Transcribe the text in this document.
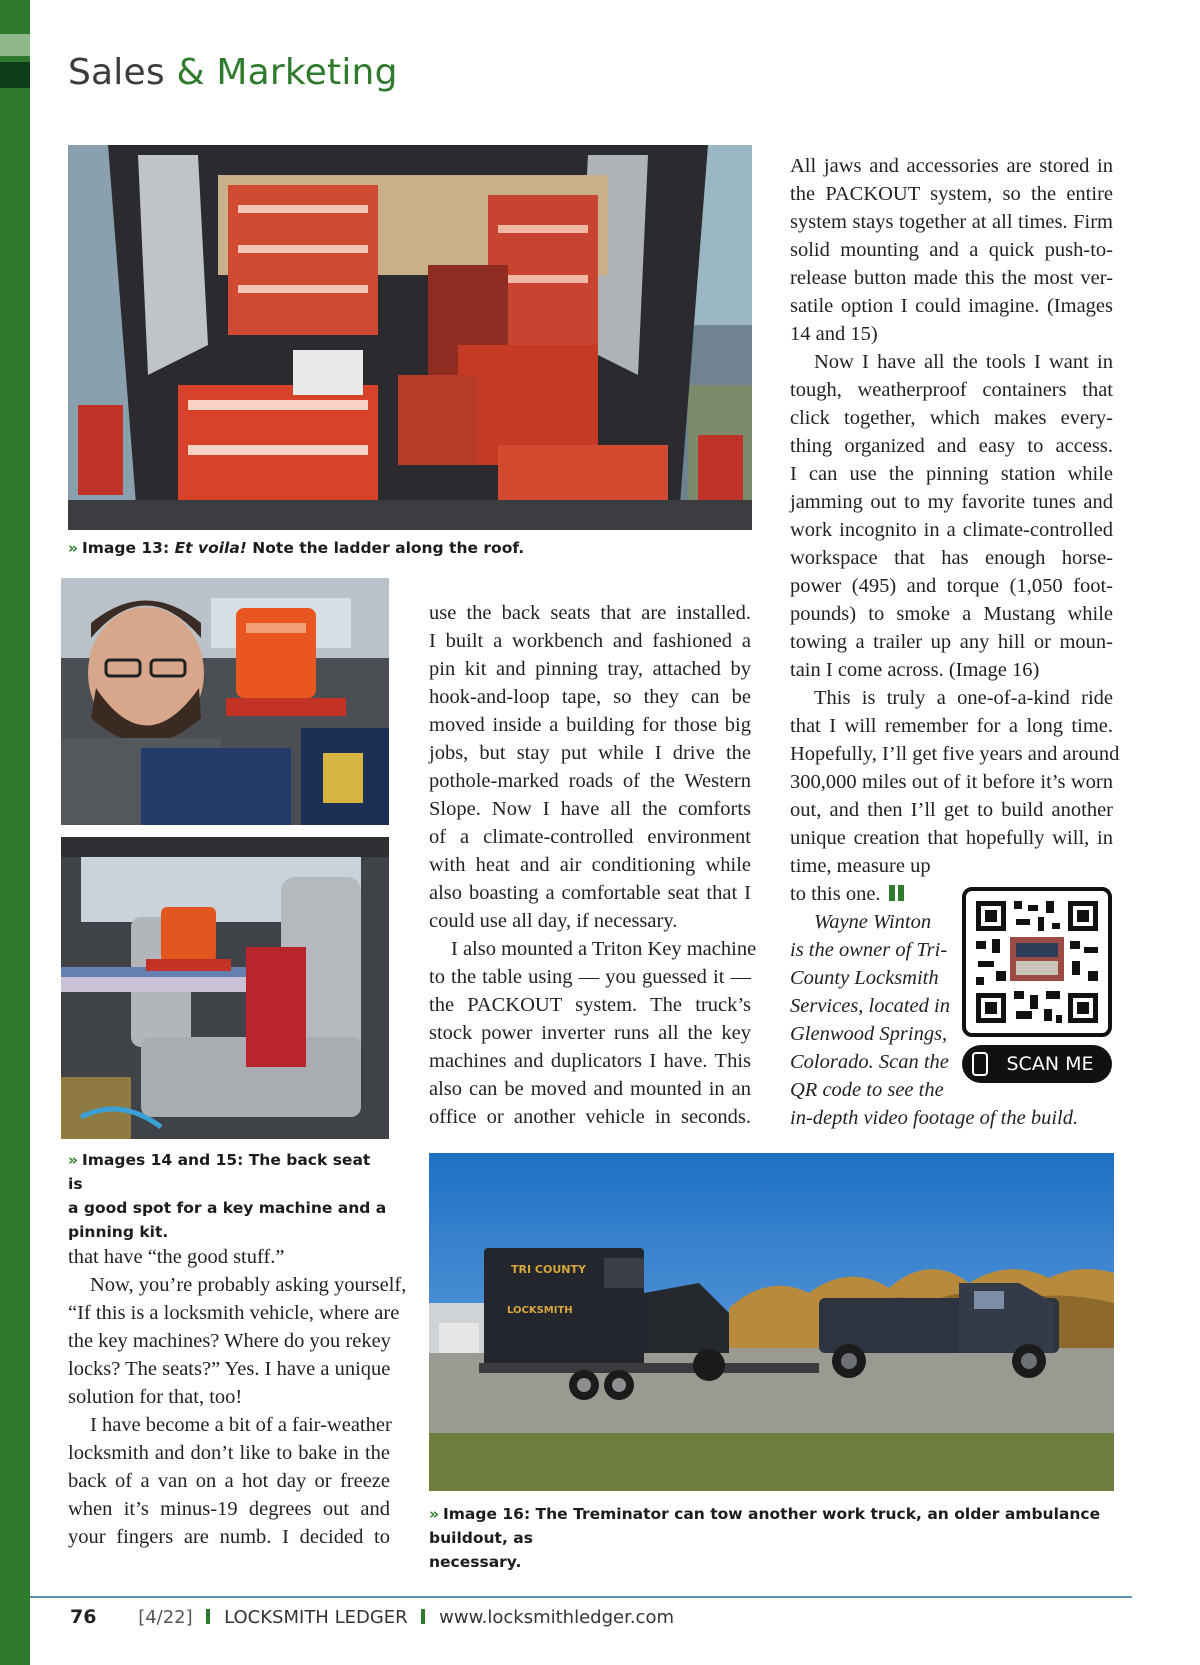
Sales & Marketing
» Image 13: Et voila! Note the ladder along the roof.
» Images 14 and 15: The back seat is
a good spot for a key machine and a
pinning kit.
that have “the good stuff.”
Now, you’re probably asking yourself,
“If this is a locksmith vehicle, where are
the key machines? Where do you rekey
locks? The seats?” Yes. I have a unique
solution for that, too!
I have become a bit of a fair-weather
locksmith and don’t like to bake in the
back of a van on a hot day or freeze
when it’s minus-19 degrees out and
your fingers are numb. I decided to
use the back seats that are installed.
I built a workbench and fashioned a
pin kit and pinning tray, attached by
hook-and-loop tape, so they can be
moved inside a building for those big
jobs, but stay put while I drive the
pothole-marked roads of the Western
Slope. Now I have all the comforts
of a climate-controlled environment
with heat and air conditioning while
also boasting a comfortable seat that I
could use all day, if necessary.
I also mounted a Triton Key machine
to the table using — you guessed it —
the PACKOUT system. The truck’s
stock power inverter runs all the key
machines and duplicators I have. This
also can be moved and mounted in an
office or another vehicle in seconds.
All jaws and accessories are stored in
the PACKOUT system, so the entire
system stays together at all times. Firm
solid mounting and a quick push-to-
release button made this the most ver-
satile option I could imagine. (Images
14 and 15)
Now I have all the tools I want in
tough, weatherproof containers that
click together, which makes every-
thing organized and easy to access.
I can use the pinning station while
jamming out to my favorite tunes and
work incognito in a climate-controlled
workspace that has enough horse-
power (495) and torque (1,050 foot-
pounds) to smoke a Mustang while
towing a trailer up any hill or moun-
tain I come across. (Image 16)
This is truly a one-of-a-kind ride
that I will remember for a long time.
Hopefully, I’ll get five years and around
300,000 miles out of it before it’s worn
out, and then I’ll get to build another
unique creation that hopefully will, in
time, measure up
to this one.
Wayne Winton
is the owner of Tri-
County Locksmith
Services, located in
Glenwood Springs,
Colorado. Scan the
QR code to see the
in-depth video footage of the build.
SCAN ME
TRI COUNTY
LOCKSMITH
» Image 16: The Treminator can tow another work truck, an older ambulance buildout, as
necessary.
76 [4/22] LOCKSMITH LEDGER www.locksmithledger.com
